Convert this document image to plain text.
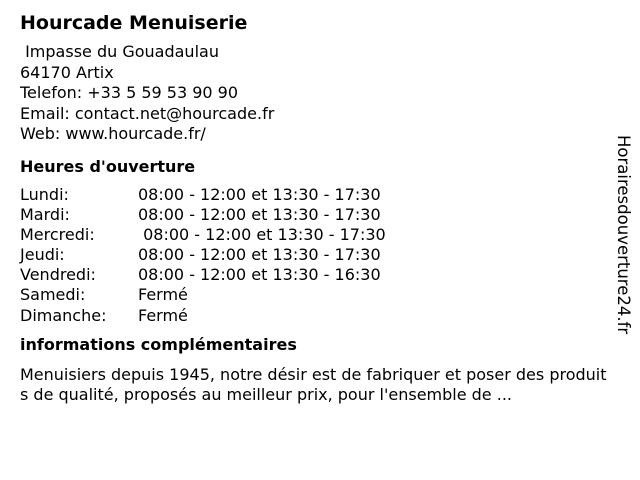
Hourcade Menuiserie
Impasse du Gouadaulau
64170 Artix
Telefon: +33 5 59 53 90 90
Email: contact.net@hourcade.fr
Web: www.hourcade.fr/
Heures d'ouverture
Lundi:	08:00 - 12:00 et 13:30 - 17:30
Mardi:	08:00 - 12:00 et 13:30 - 17:30
Mercredi:	08:00 - 12:00 et 13:30 - 17:30
Jeudi:	08:00 - 12:00 et 13:30 - 17:30
Vendredi:	08:00 - 12:00 et 13:30 - 16:30
Samedi:	Fermé
Dimanche:	Fermé
informations complémentaires
Menuisiers depuis 1945, notre désir est de fabriquer et poser des produits de qualité, proposés au meilleur prix, pour l'ensemble de ...
Horairesdouverture24.fr
